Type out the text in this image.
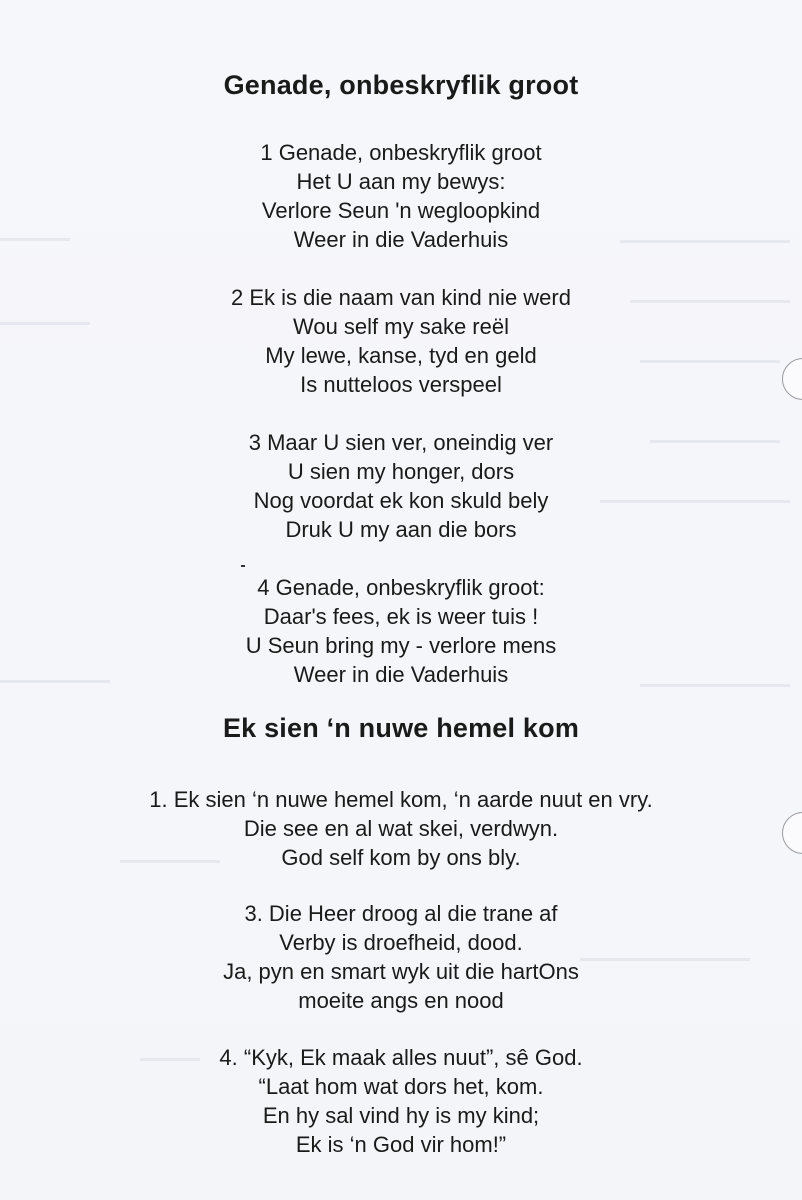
Genade, onbeskryflik groot
1 Genade, onbeskryflik groot
Het U aan my bewys:
Verlore Seun 'n wegloopkind
Weer in die Vaderhuis
2 Ek is die naam van kind nie werd
Wou self my sake reël
My lewe, kanse, tyd en geld
Is nutteloos verspeel
3 Maar U sien ver, oneindig ver
U sien my honger, dors
Nog voordat ek kon skuld bely
Druk U my aan die bors
4 Genade, onbeskryflik groot:
Daar's fees, ek is weer tuis !
U Seun bring my - verlore mens
Weer in die Vaderhuis
Ek sien ‘n nuwe hemel kom
1. Ek sien ‘n nuwe hemel kom, ‘n aarde nuut en vry.
Die see en al wat skei, verdwyn.
God self kom by ons bly.
3. Die Heer droog al die trane af
Verby is droefheid, dood.
Ja, pyn en smart wyk uit die hartOns
moeite angs en nood
4. “Kyk, Ek maak alles nuut”, sê God.
“Laat hom wat dors het, kom.
En hy sal vind hy is my kind;
Ek is ‘n God vir hom!”
